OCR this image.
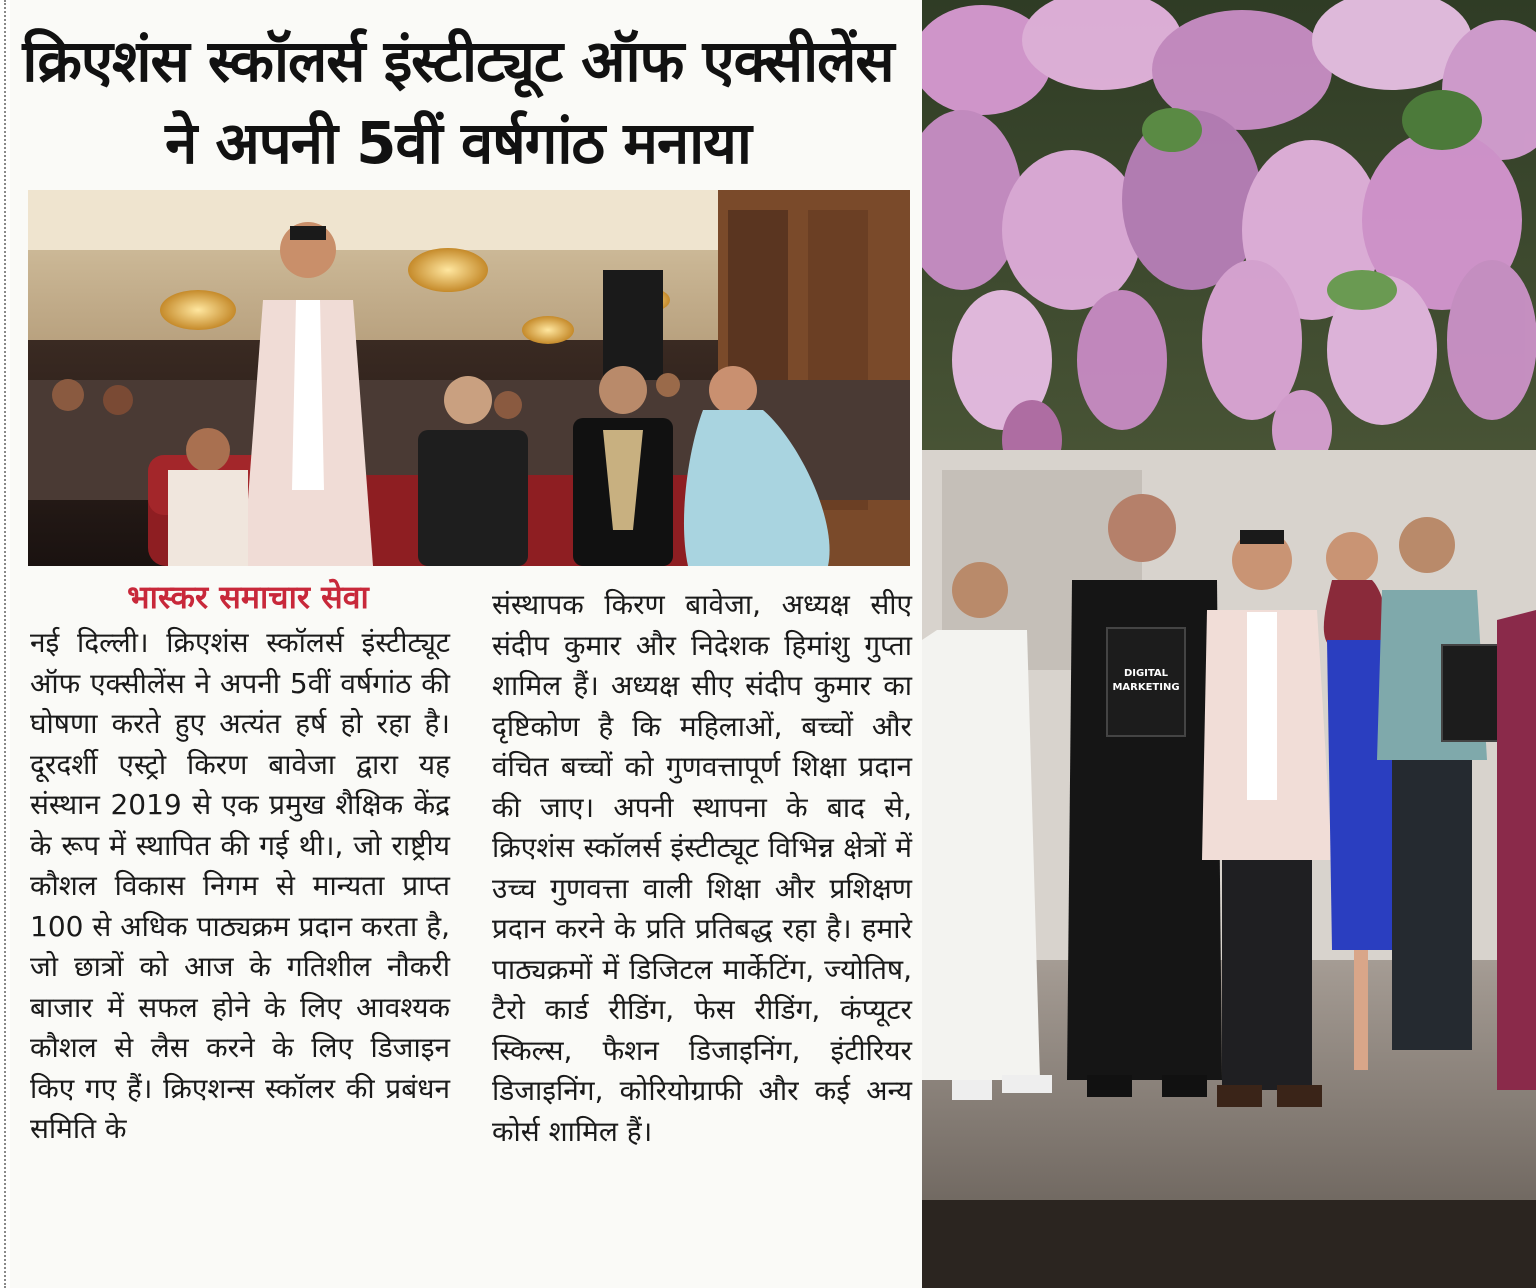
क्रिएशंस स्कॉलर्स इंस्टीट्यूट ऑफ एक्सीलेंस
ने अपनी 5वीं वर्षगांठ मनाया
भास्कर समाचार सेवा
नई दिल्ली। क्रिएशंस स्कॉलर्स इंस्टीट्यूट ऑफ एक्सीलेंस ने अपनी 5वीं वर्षगांठ की घोषणा करते हुए अत्यंत हर्ष हो रहा है। दूरदर्शी एस्ट्रो किरण बावेजा द्वारा यह संस्थान 2019 से एक प्रमुख शैक्षिक केंद्र के रूप में स्थापित की गई थी।, जो राष्ट्रीय कौशल विकास निगम से मान्यता प्राप्त 100 से अधिक पाठ्यक्रम प्रदान करता है, जो छात्रों को आज के गतिशील नौकरी बाजार में सफल होने के लिए आवश्यक कौशल से लैस करने के लिए डिजाइन किए गए हैं। क्रिएशन्स स्कॉलर की प्रबंधन समिति के
संस्थापक किरण बावेजा, अध्यक्ष सीए संदीप कुमार और निदेशक हिमांशु गुप्ता शामिल हैं। अध्यक्ष सीए संदीप कुमार का दृष्टिकोण है कि महिलाओं, बच्चों और वंचित बच्चों को गुणवत्तापूर्ण शिक्षा प्रदान की जाए। अपनी स्थापना के बाद से, क्रिएशंस स्कॉलर्स इंस्टीट्यूट विभिन्न क्षेत्रों में उच्च गुणवत्ता वाली शिक्षा और प्रशिक्षण प्रदान करने के प्रति प्रतिबद्ध रहा है। हमारे पाठ्यक्रमों में डिजिटल मार्केटिंग, ज्योतिष, टैरो कार्ड रीडिंग, फेस रीडिंग, कंप्यूटर स्किल्स, फैशन डिजाइनिंग, इंटीरियर डिजाइनिंग, कोरियोग्राफी और कई अन्य कोर्स शामिल हैं।
DIGITAL
MARKETING
